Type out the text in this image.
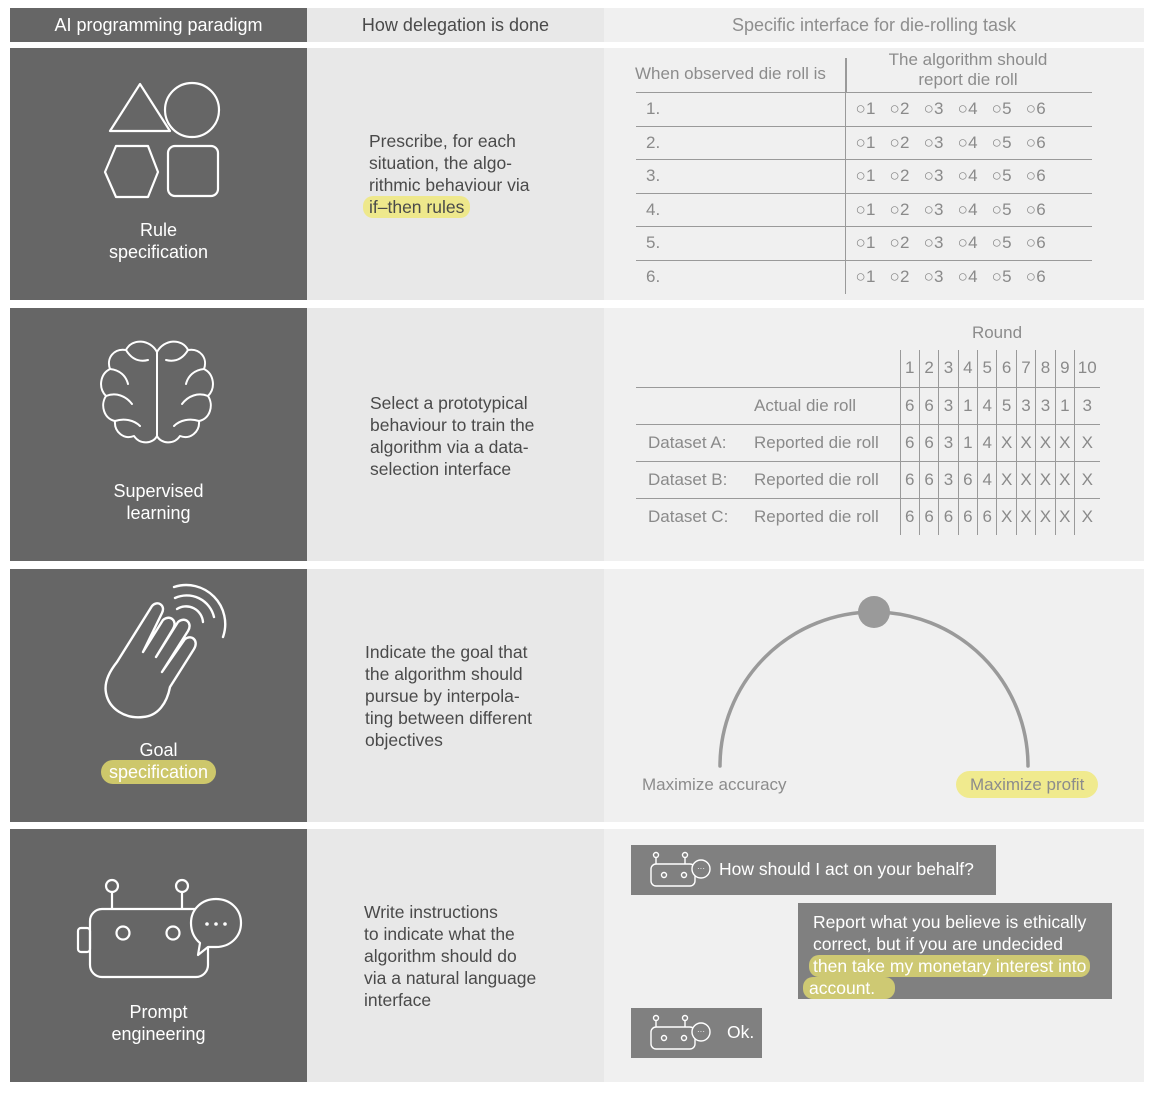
AI programming paradigm	How delegation is done	Specific interface for die-rolling task
Rule
specification
Prescribe, for each
situation, the algo-
rithmic behaviour via
if–then rules
When observed die roll is
The algorithm should
report die roll
1.	○1 ○2 ○3 ○4 ○5 ○6
2.	○1 ○2 ○3 ○4 ○5 ○6
3.	○1 ○2 ○3 ○4 ○5 ○6
4.	○1 ○2 ○3 ○4 ○5 ○6
5.	○1 ○2 ○3 ○4 ○5 ○6
6.	○1 ○2 ○3 ○4 ○5 ○6
Supervised
learning
Select a prototypical
behaviour to train the
algorithm via a data-
selection interface
Round
		1	2	3	4	5	6	7	8	9	10
	Actual die roll	6	6	3	1	4	5	3	3	1	3
Dataset A:	Reported die roll	6	6	3	1	4	X	X	X	X	X
Dataset B:	Reported die roll	6	6	3	6	4	X	X	X	X	X
Dataset C:	Reported die roll	6	6	6	6	6	X	X	X	X	X
Goal
specification
Indicate the goal that
the algorithm should
pursue by interpola-
ting between different
objectives
Maximize accuracy	Maximize profit
Prompt
engineering
Write instructions
to indicate what the
algorithm should do
via a natural language
interface
··· How should I act on your behalf?
Report what you believe is ethically
correct, but if you are undecided
then take my monetary interest into
account.
··· Ok.
